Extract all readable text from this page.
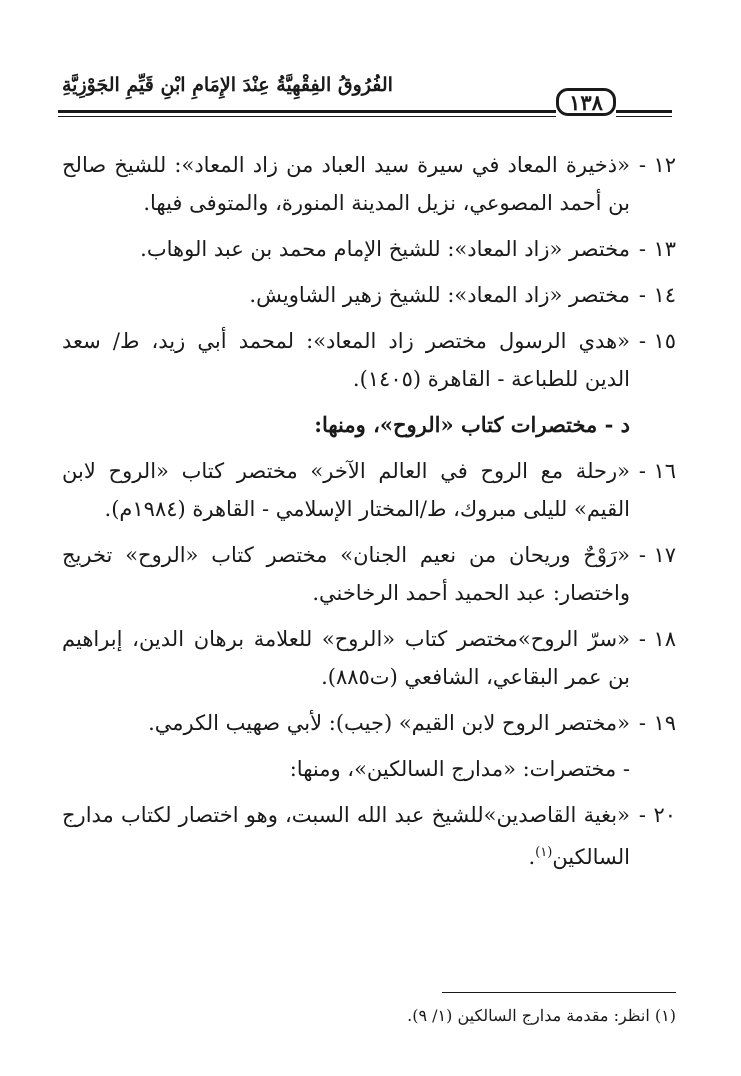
الفُرُوقُ الفِقْهِيَّةُ عِنْدَ الإِمَامِ ابْنِ قَيِّمِ الجَوْزِيَّةِ
١٣٨
١٢
-
«ذخيرة المعاد في سيرة سيد العباد من زاد المعاد»: للشيخ صالح بن أحمد المصوعي، نزيل المدينة المنورة، والمتوفى فيها.
١٣
-
مختصر «زاد المعاد»: للشيخ الإمام محمد بن عبد الوهاب.
١٤
-
مختصر «زاد المعاد»: للشيخ زهير الشاويش.
١٥
-
«هدي الرسول مختصر زاد المعاد»: لمحمد أبي زيد، ط/ سعد الدين للطباعة - القاهرة (١٤٠٥).
د - مختصرات كتاب «الروح»، ومنها:
١٦
-
«رحلة مع الروح في العالم الآخر» مختصر كتاب «الروح لابن القيم» لليلى مبروك، ط/المختار الإسلامي - القاهرة (١٩٨٤م).
١٧
-
«رَوْحٌ وريحان من نعيم الجنان» مختصر كتاب «الروح» تخريج واختصار: عبد الحميد أحمد الرخاخني.
١٨
-
«سرّ الروح»مختصر كتاب «الروح» للعلامة برهان الدين، إبراهيم بن عمر البقاعي، الشافعي (ت٨٨٥).
١٩
-
«مختصر الروح لابن القيم» (جيب): لأبي صهيب الكرمي.
- مختصرات: «مدارج السالكين»، ومنها:
٢٠
-
«بغية القاصدين»للشيخ عبد الله السبت، وهو اختصار لكتاب مدارج السالكين$^{(١)}$.
(١) انظر: مقدمة مدارج السالكين (١/ ٩).
